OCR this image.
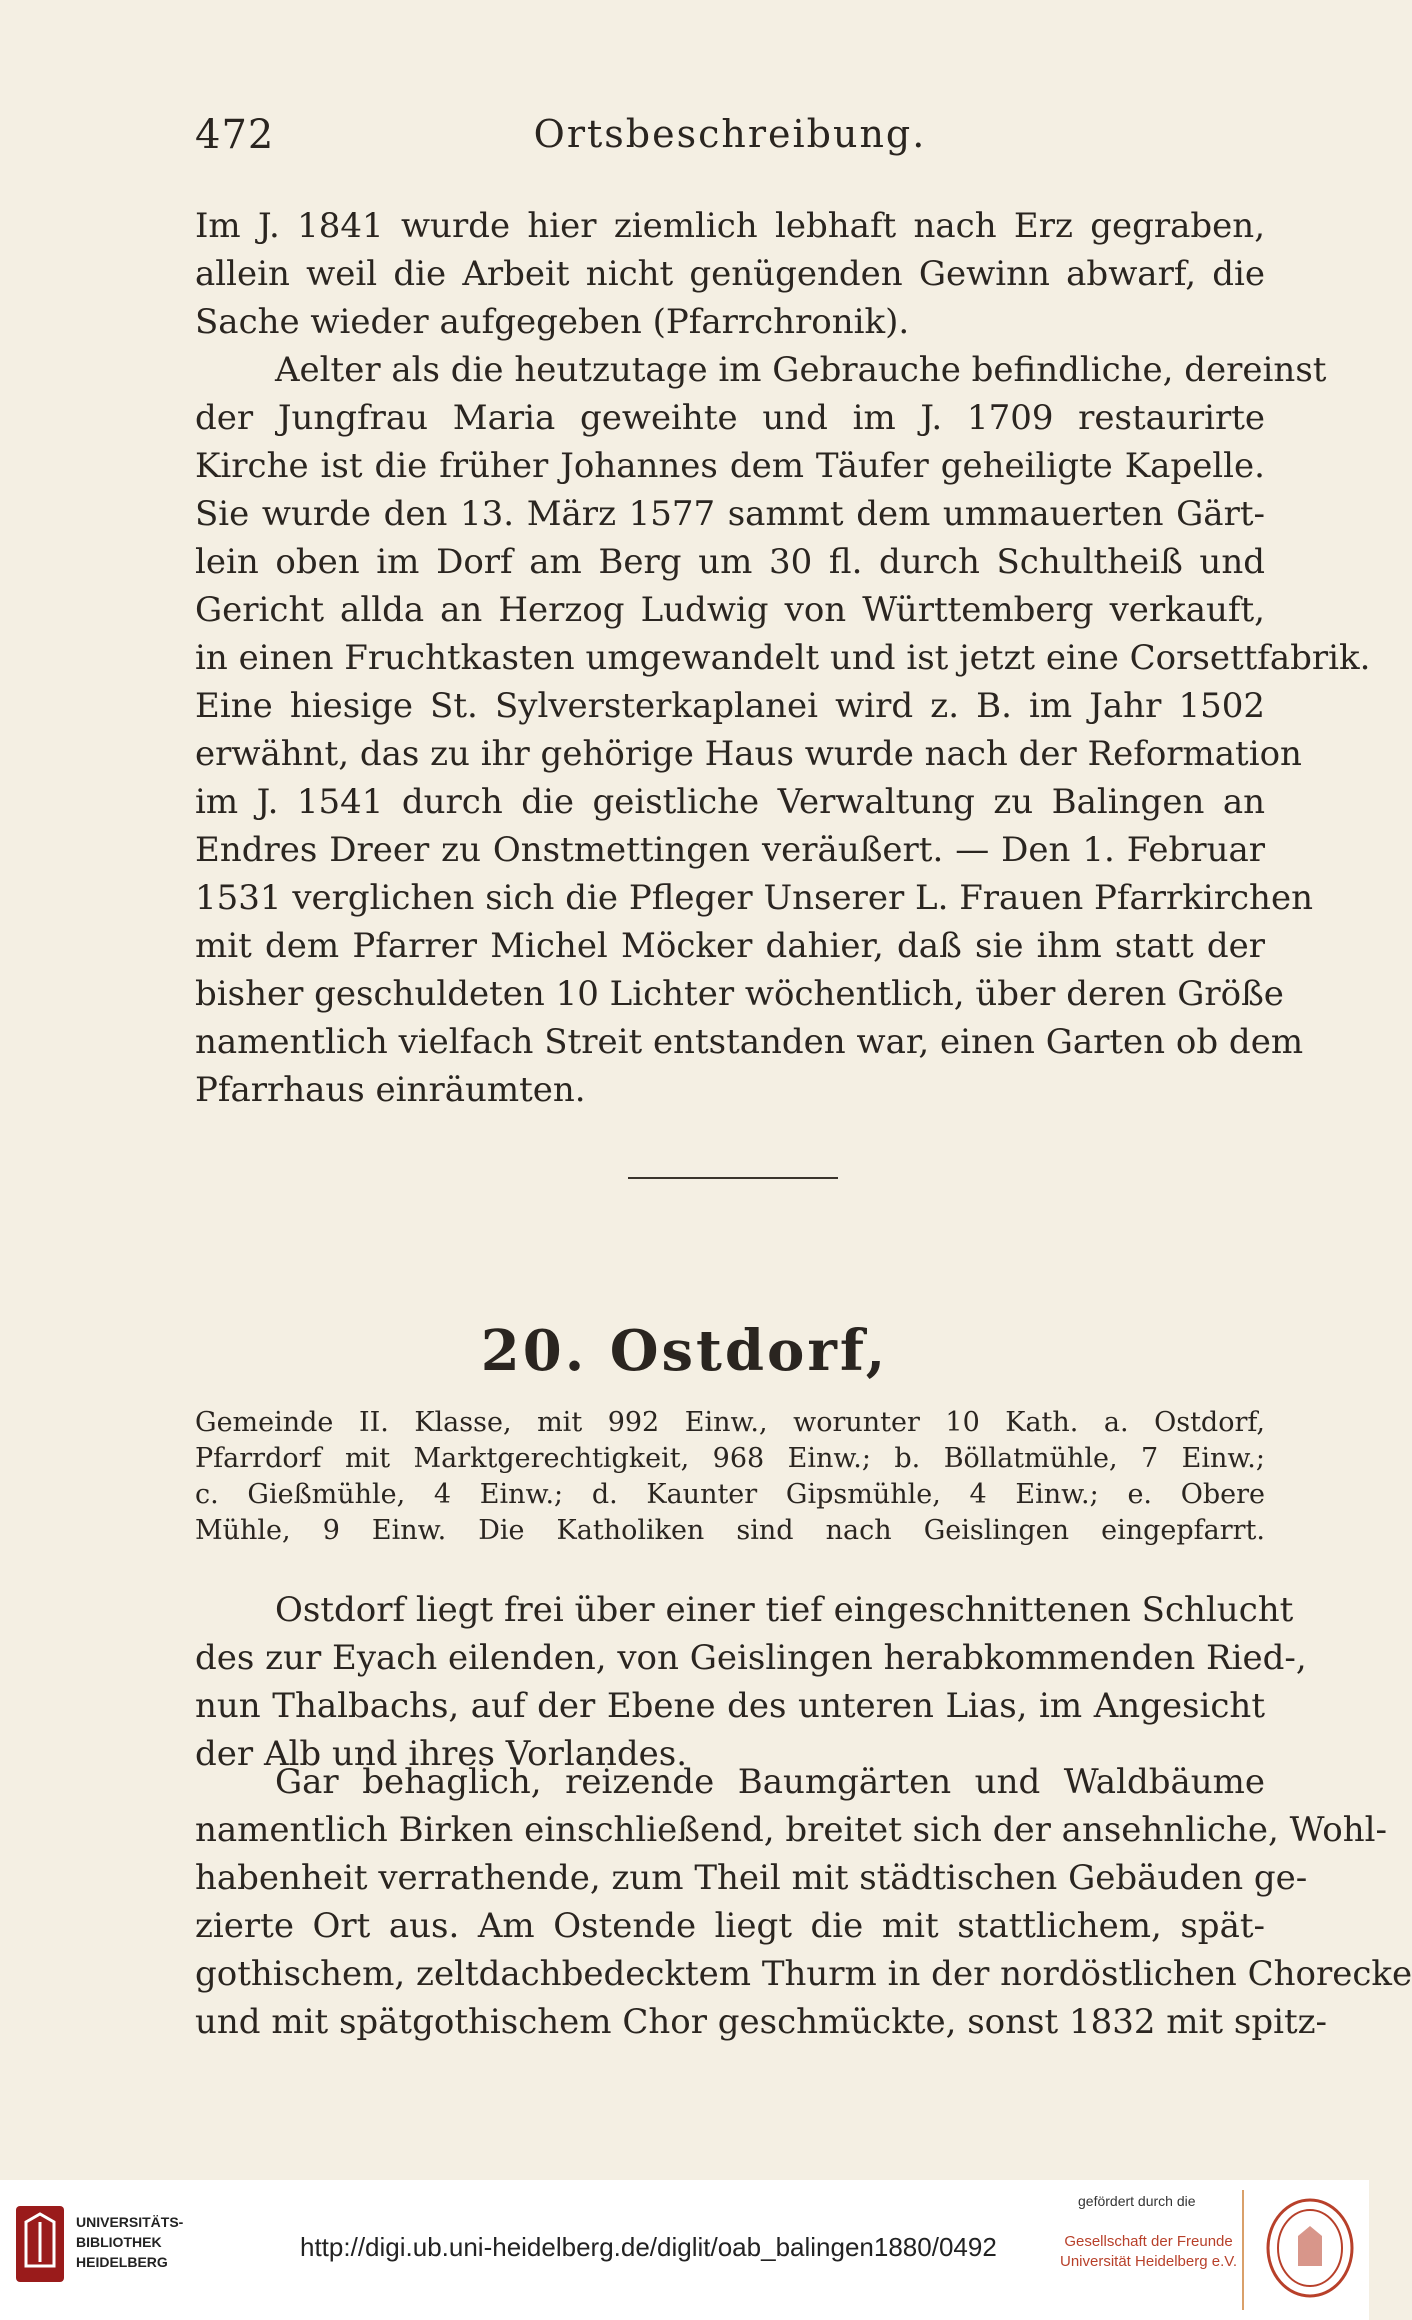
472	Ortsbeschreibung.
Im J. 1841 wurde hier ziemlich lebhaft nach Erz gegraben,
allein weil die Arbeit nicht genügenden Gewinn abwarf, die
Sache wieder aufgegeben (Pfarrchronik).
Aelter als die heutzutage im Gebrauche befindliche, dereinst
der Jungfrau Maria geweihte und im J. 1709 restaurirte
Kirche ist die früher Johannes dem Täufer geheiligte Kapelle.
Sie wurde den 13. März 1577 sammt dem ummauerten Gärt-
lein oben im Dorf am Berg um 30 fl. durch Schultheiß und
Gericht allda an Herzog Ludwig von Württemberg verkauft,
in einen Fruchtkasten umgewandelt und ist jetzt eine Corsettfabrik.
Eine hiesige St. Sylversterkaplanei wird z. B. im Jahr 1502
erwähnt, das zu ihr gehörige Haus wurde nach der Reformation
im J. 1541 durch die geistliche Verwaltung zu Balingen an
Endres Dreer zu Onstmettingen veräußert. — Den 1. Februar
1531 verglichen sich die Pfleger Unserer L. Frauen Pfarrkirchen
mit dem Pfarrer Michel Möcker dahier, daß sie ihm statt der
bisher geschuldeten 10 Lichter wöchentlich, über deren Größe
namentlich vielfach Streit entstanden war, einen Garten ob dem
Pfarrhaus einräumten.
20. Ostdorf,
Gemeinde II. Klasse, mit 992 Einw., worunter 10 Kath. a. Ostdorf,
Pfarrdorf mit Marktgerechtigkeit, 968 Einw.; b. Böllatmühle, 7 Einw.;
c. Gießmühle, 4 Einw.; d. Kaunter Gipsmühle, 4 Einw.; e. Obere
Mühle, 9 Einw. Die Katholiken sind nach Geislingen eingepfarrt.
Ostdorf liegt frei über einer tief eingeschnittenen Schlucht
des zur Eyach eilenden, von Geislingen herabkommenden Ried-,
nun Thalbachs, auf der Ebene des unteren Lias, im Angesicht
der Alb und ihres Vorlandes.
Gar behaglich, reizende Baumgärten und Waldbäume
namentlich Birken einschließend, breitet sich der ansehnliche, Wohl-
habenheit verrathende, zum Theil mit städtischen Gebäuden ge-
zierte Ort aus. Am Ostende liegt die mit stattlichem, spät-
gothischem, zeltdachbedecktem Thurm in der nordöstlichen Chorecke
und mit spätgothischem Chor geschmückte, sonst 1832 mit spitz-
UNIVERSITÄTS-
BIBLIOTHEK
HEIDELBERG	http://digi.ub.uni-heidelberg.de/diglit/oab_balingen1880/0492
gefördert durch die
Gesellschaft der Freunde
Universität Heidelberg e.V.
